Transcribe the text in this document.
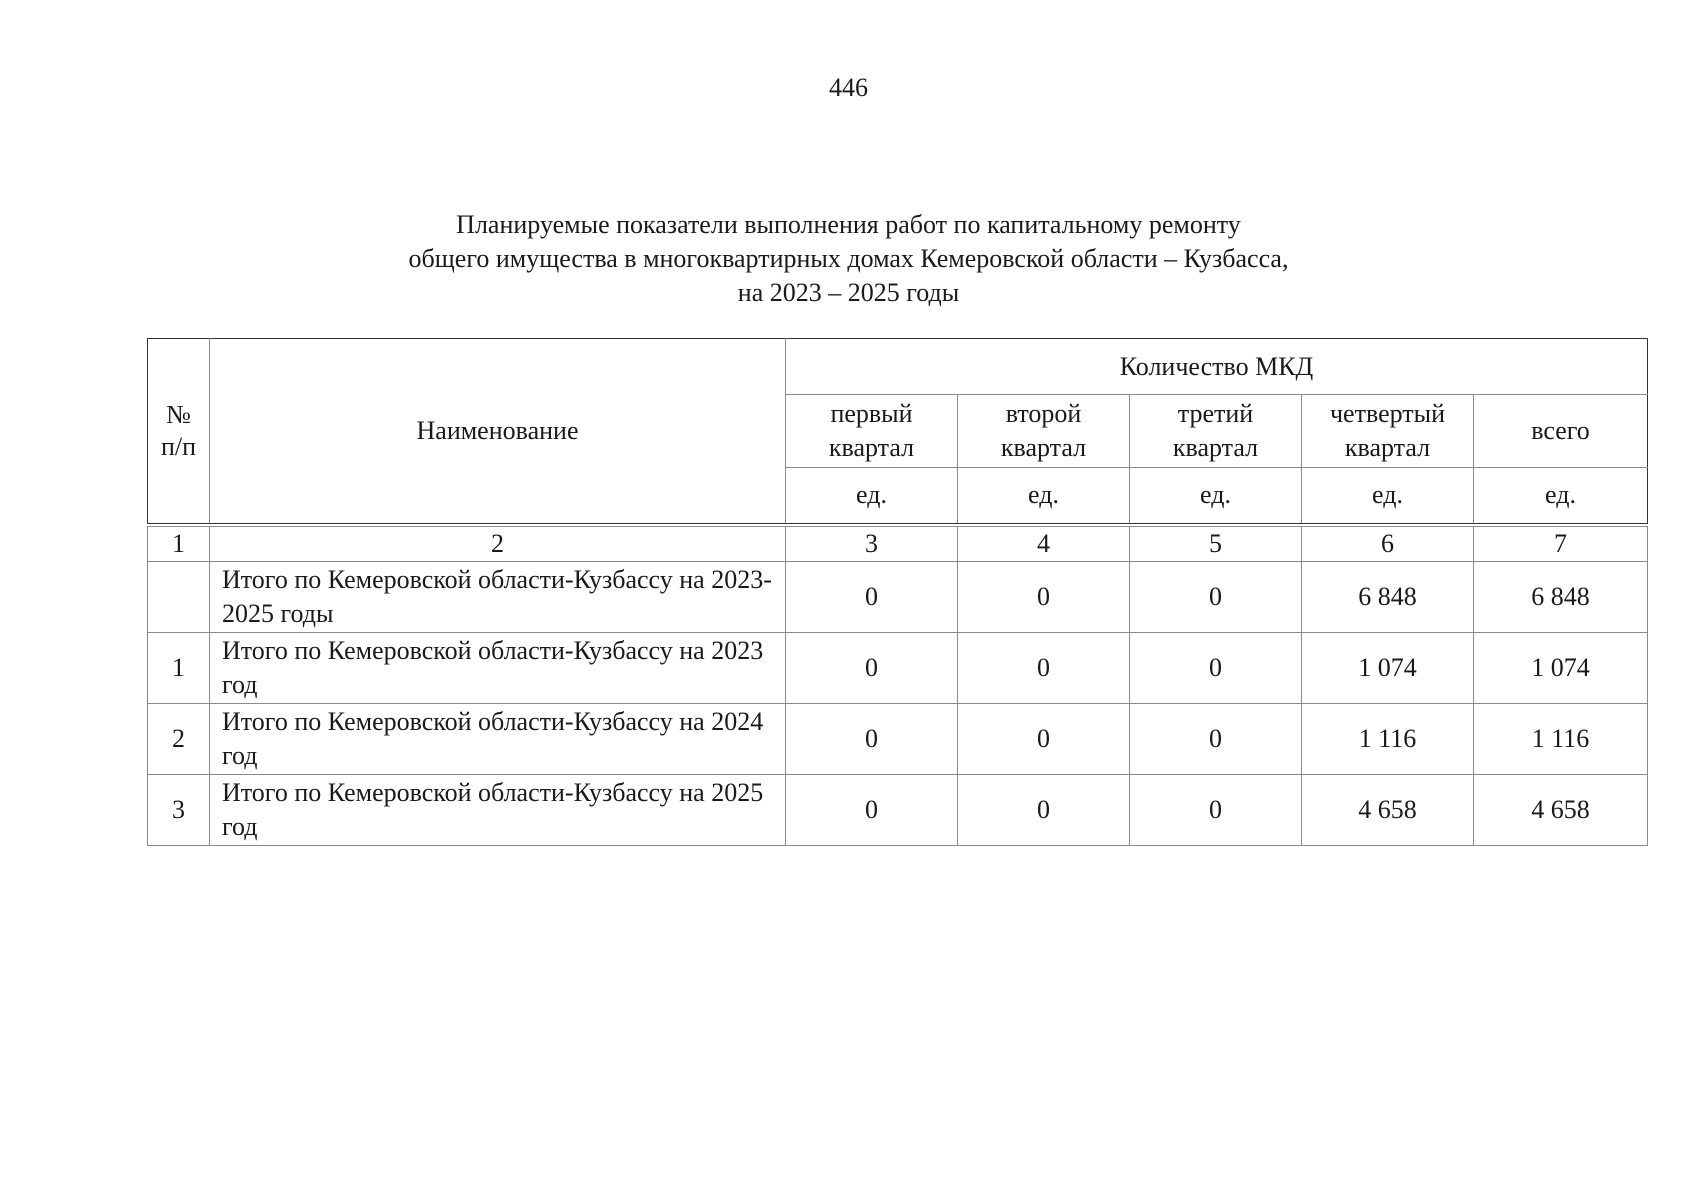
446
Планируемые показатели выполнения работ по капитальному ремонту
общего имущества в многоквартирных домах Кемеровской области – Кузбасса,
на 2023 – 2025 годы
№ п/п	Наименование	Количество МКД				
		первый квартал	второй квартал	третий квартал	четвертый квартал	всего
		ед.	ед.	ед.	ед.	ед.
1	2	3	4	5	6	7
	Итого по Кемеровской области-Кузбассу на 2023-2025 годы	0	0	0	6 848	6 848
1	Итого по Кемеровской области-Кузбассу на 2023 год	0	0	0	1 074	1 074
2	Итого по Кемеровской области-Кузбассу на 2024 год	0	0	0	1 116	1 116
3	Итого по Кемеровской области-Кузбассу на 2025 год	0	0	0	4 658	4 658
